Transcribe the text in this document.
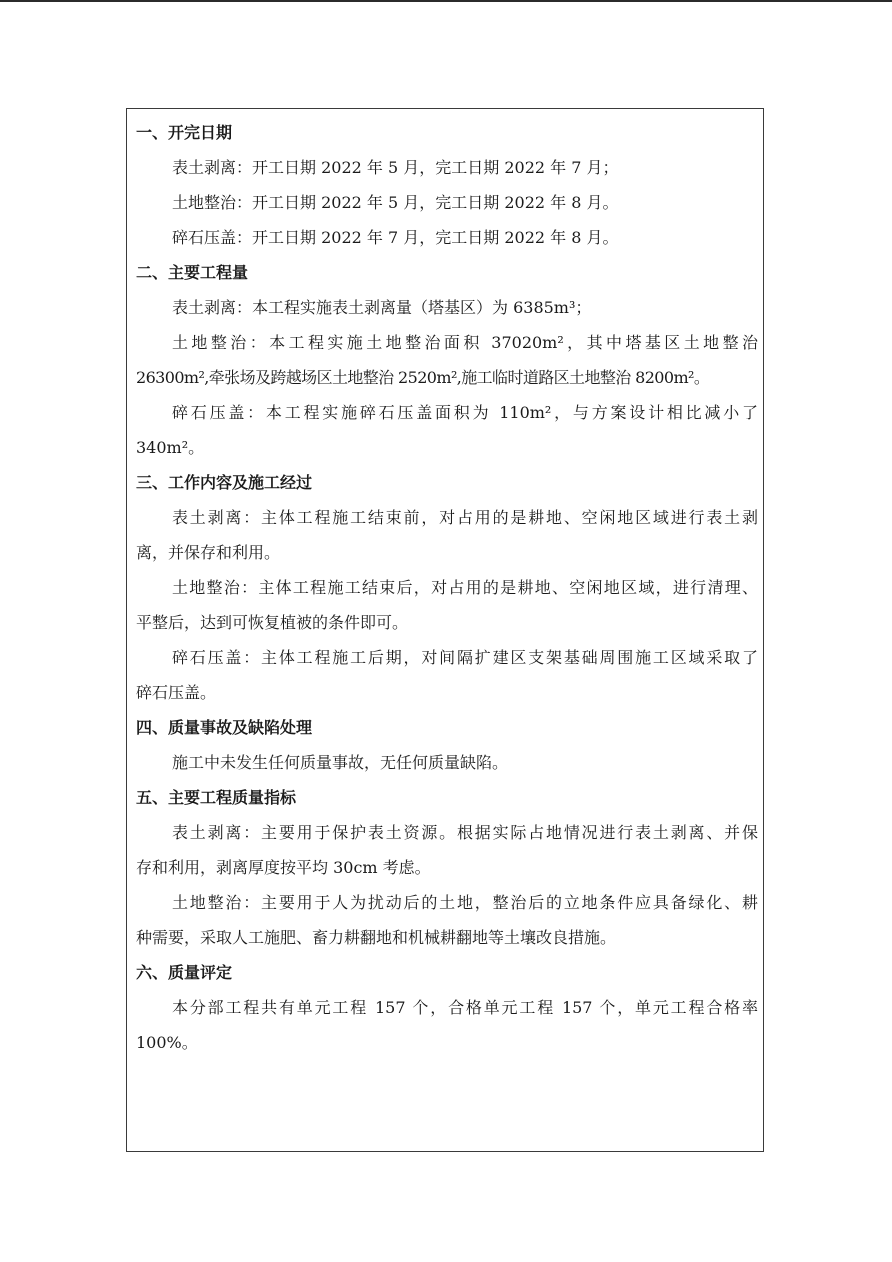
一、开完日期
表土剥离：开工日期 2022 年 5 月，完工日期 2022 年 7 月；
土地整治：开工日期 2022 年 5 月，完工日期 2022 年 8 月。
碎石压盖：开工日期 2022 年 7 月，完工日期 2022 年 8 月。
二、主要工程量
表土剥离：本工程实施表土剥离量（塔基区）为 6385m³；
土地整治：本工程实施土地整治面积 37020m²，其中塔基区土地整治
26300m²,牵张场及跨越场区土地整治 2520m²,施工临时道路区土地整治 8200m²。
碎石压盖：本工程实施碎石压盖面积为 110m²，与方案设计相比减小了
340m²。
三、工作内容及施工经过
表土剥离：主体工程施工结束前，对占用的是耕地、空闲地区域进行表土剥
离，并保存和利用。
土地整治：主体工程施工结束后，对占用的是耕地、空闲地区域，进行清理、
平整后，达到可恢复植被的条件即可。
碎石压盖：主体工程施工后期，对间隔扩建区支架基础周围施工区域采取了
碎石压盖。
四、质量事故及缺陷处理
施工中未发生任何质量事故，无任何质量缺陷。
五、主要工程质量指标
表土剥离：主要用于保护表土资源。根据实际占地情况进行表土剥离、并保
存和利用，剥离厚度按平均 30cm 考虑。
土地整治：主要用于人为扰动后的土地，整治后的立地条件应具备绿化、耕
种需要，采取人工施肥、畜力耕翻地和机械耕翻地等土壤改良措施。
六、质量评定
本分部工程共有单元工程 157 个，合格单元工程 157 个，单元工程合格率
100%。
